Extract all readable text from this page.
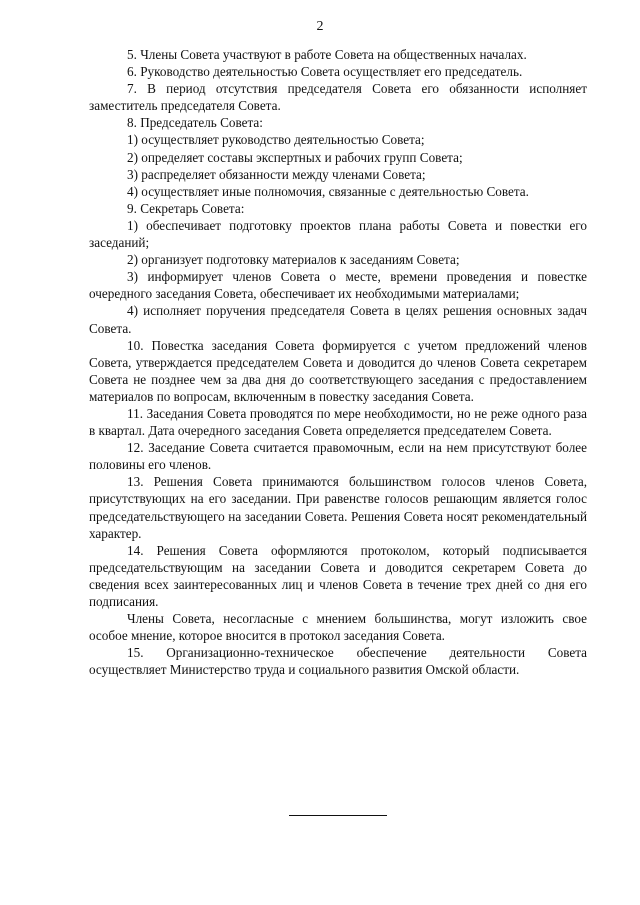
2

5. Члены Совета участвуют в работе Совета на общественных началах.

6. Руководство деятельностью Совета осуществляет его председатель.

7. В период отсутствия председателя Совета его обязанности исполняет заместитель председателя Совета.

8. Председатель Совета:

1) осуществляет руководство деятельностью Совета;

2) определяет составы экспертных и рабочих групп Совета;

3) распределяет обязанности между членами Совета;

4) осуществляет иные полномочия, связанные с деятельностью Совета.

9. Секретарь Совета:

1) обеспечивает подготовку проектов плана работы Совета и повестки его заседаний;

2) организует подготовку материалов к заседаниям Совета;

3) информирует членов Совета о месте, времени проведения и повестке очередного заседания Совета, обеспечивает их необходимыми материалами;

4) исполняет поручения председателя Совета в целях решения основных задач Совета.

10. Повестка заседания Совета формируется с учетом предложений членов Совета, утверждается председателем Совета и доводится до членов Совета секретарем Совета не позднее чем за два дня до соответствующего заседания с предоставлением материалов по вопросам, включенным в повестку заседания Совета.

11. Заседания Совета проводятся по мере необходимости, но не реже одного раза в квартал. Дата очередного заседания Совета определяется председателем Совета.

12. Заседание Совета считается правомочным, если на нем присутствуют более половины его членов.

13. Решения Совета принимаются большинством голосов членов Совета, присутствующих на его заседании. При равенстве голосов решающим является голос председательствующего на заседании Совета. Решения Совета носят рекомендательный характер.

14. Решения Совета оформляются протоколом, который подписывается председательствующим на заседании Совета и доводится секретарем Совета до сведения всех заинтересованных лиц и членов Совета в течение трех дней со дня его подписания.

Члены Совета, несогласные с мнением большинства, могут изложить свое особое мнение, которое вносится в протокол заседания Совета.

15. Организационно-техническое обеспечение деятельности Совета осуществляет Министерство труда и социального развития Омской области.
